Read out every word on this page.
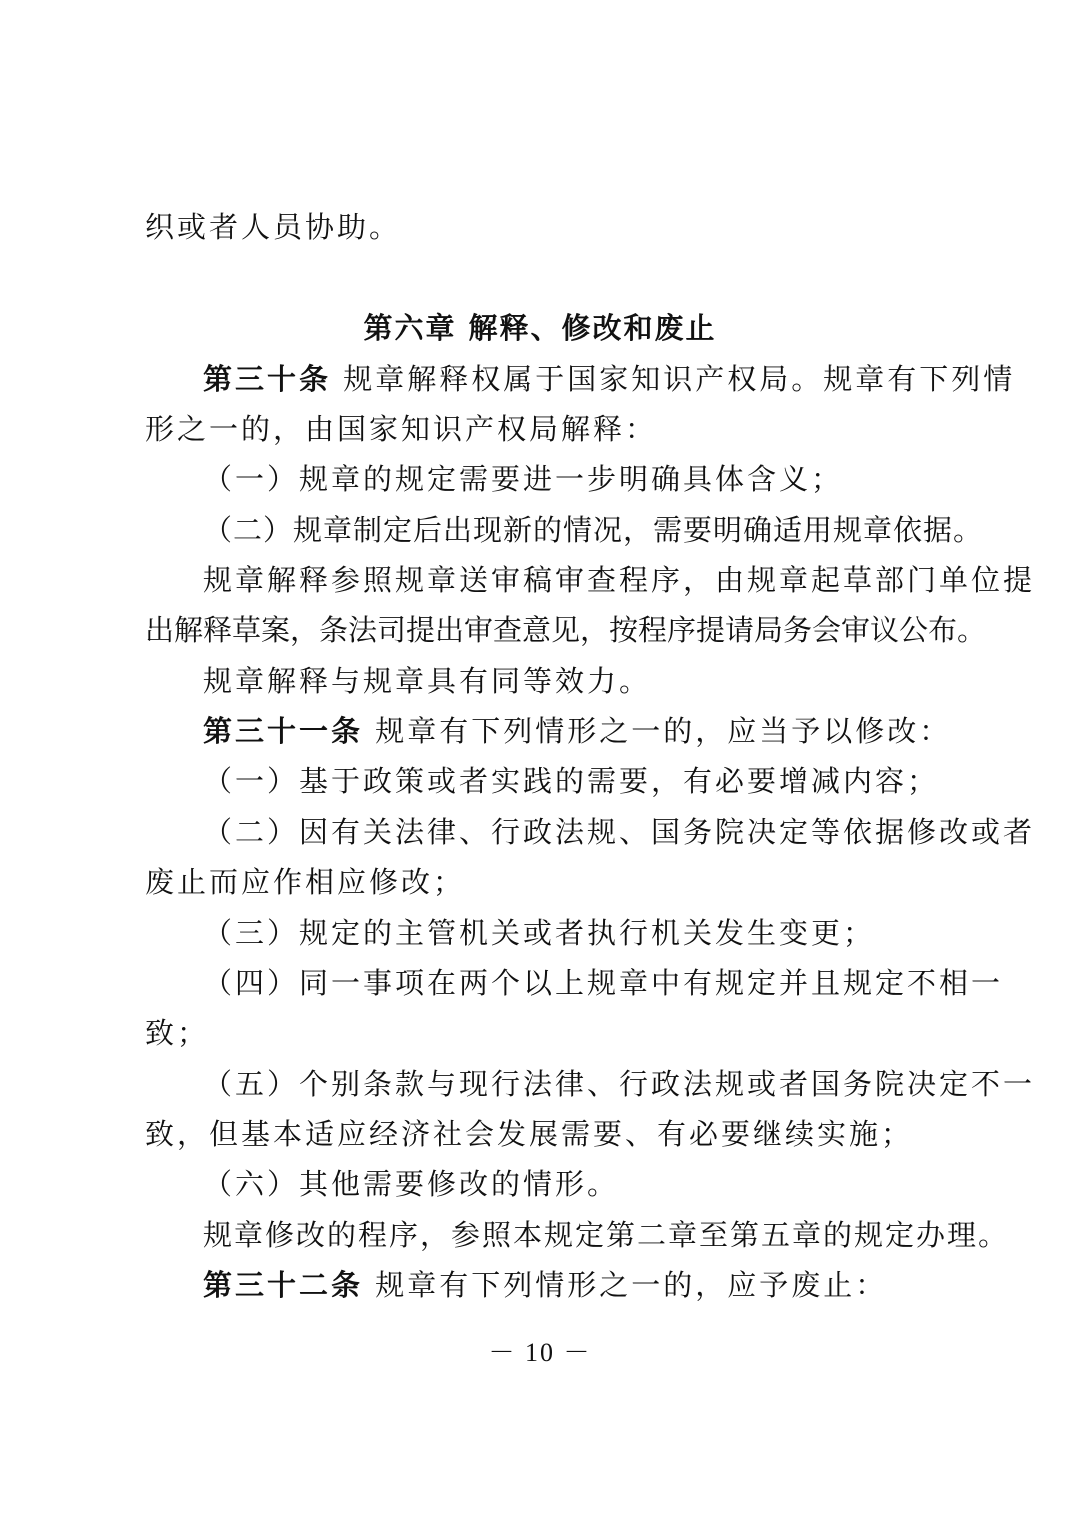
织或者人员协助。
第六章 解释、修改和废止
第三十条 规章解释权属于国家知识产权局。规章有下列情
形之一的，由国家知识产权局解释：
（一）规章的规定需要进一步明确具体含义；
（二）规章制定后出现新的情况，需要明确适用规章依据。
规章解释参照规章送审稿审查程序，由规章起草部门单位提
出解释草案，条法司提出审查意见，按程序提请局务会审议公布。
规章解释与规章具有同等效力。
第三十一条 规章有下列情形之一的，应当予以修改：
（一）基于政策或者实践的需要，有必要增减内容；
（二）因有关法律、行政法规、国务院决定等依据修改或者
废止而应作相应修改；
（三）规定的主管机关或者执行机关发生变更；
（四）同一事项在两个以上规章中有规定并且规定不相一
致；
（五）个别条款与现行法律、行政法规或者国务院决定不一
致，但基本适应经济社会发展需要、有必要继续实施；
（六）其他需要修改的情形。
规章修改的程序，参照本规定第二章至第五章的规定办理。
第三十二条 规章有下列情形之一的，应予废止：
－ 10 －
